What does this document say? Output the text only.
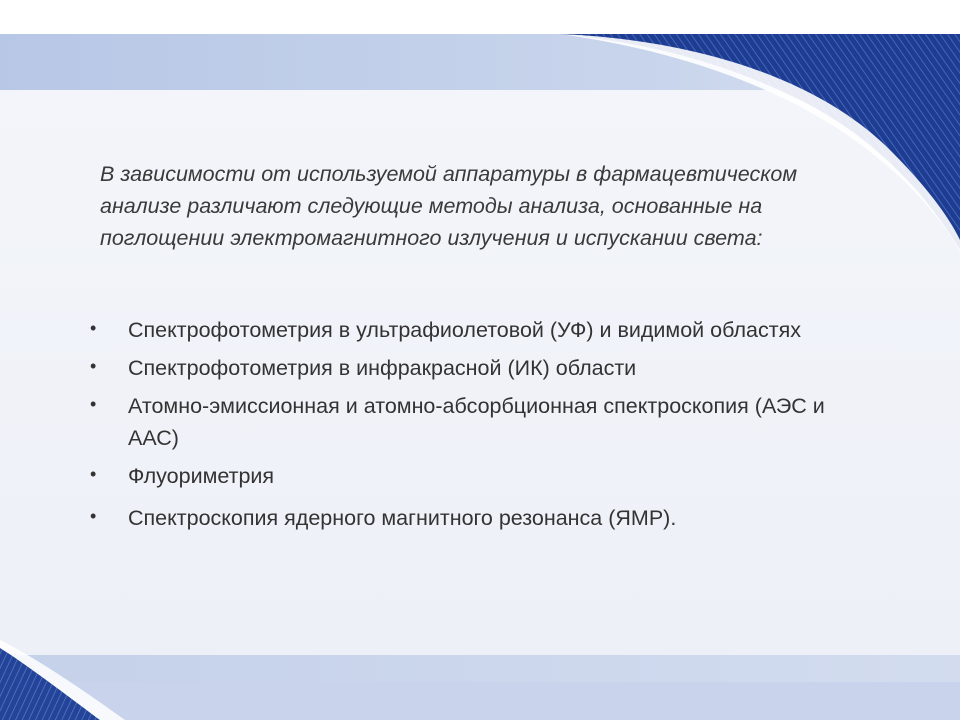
В зависимости от используемой аппаратуры в фармацевтическом анализе различают следующие методы анализа, основанные на поглощении электромагнитного излучения и испускании света:

• Спектрофотометрия в ультрафиолетовой (УФ) и видимой областях
• Спектрофотометрия в инфракрасной (ИК) области
• Атомно-эмиссионная и атомно-абсорбционная спектроскопия (АЭС и ААС)
• Флуориметрия
• Спектроскопия ядерного магнитного резонанса (ЯМР).
